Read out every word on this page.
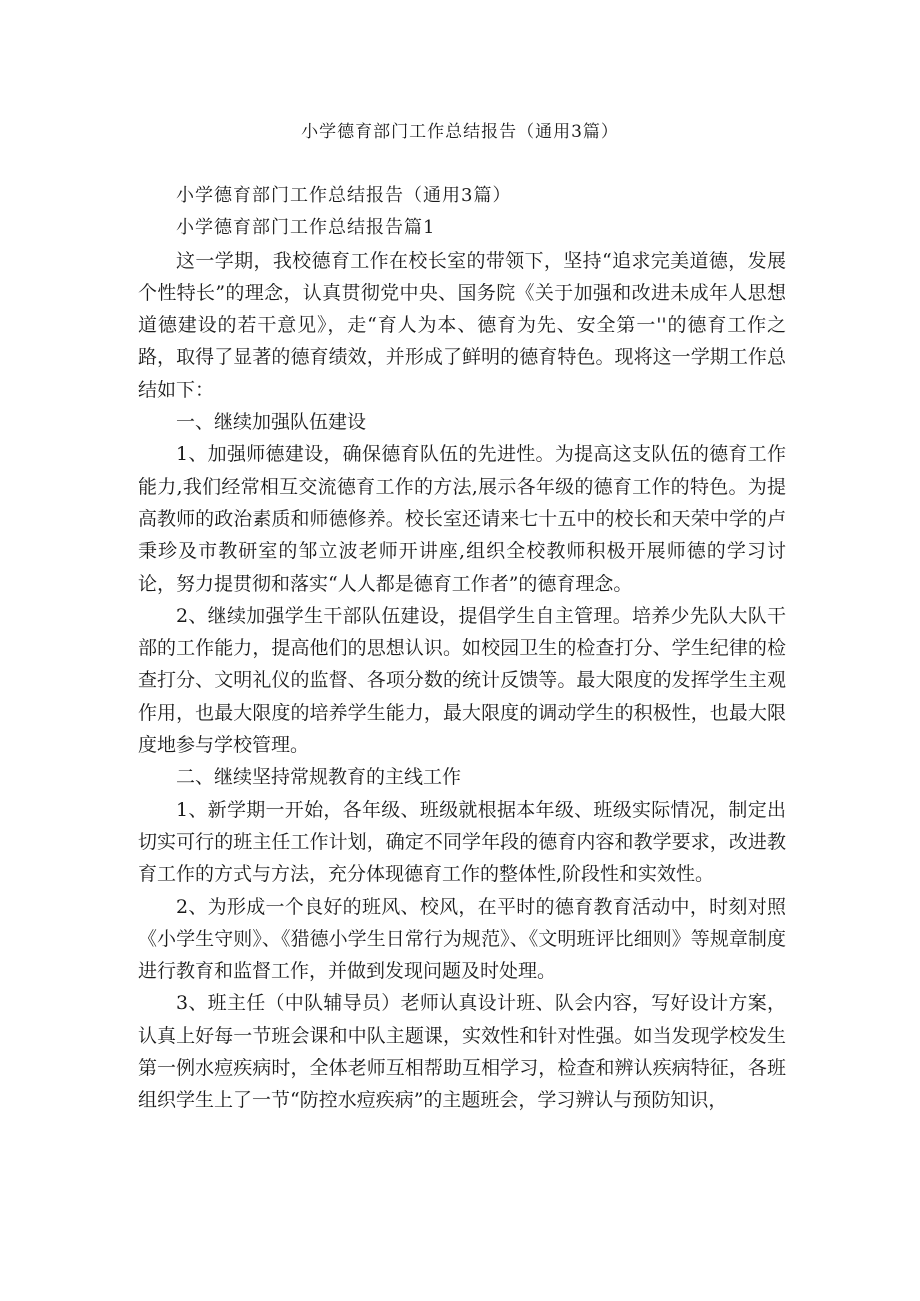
小学德育部门工作总结报告（通用3篇）

小学德育部门工作总结报告（通用3篇）

小学德育部门工作总结报告篇1

这一学期，我校德育工作在校长室的带领下，坚持“追求完美道德，发展个性特长”的理念，认真贯彻党中央、国务院《关于加强和改进未成年人思想道德建设的若干意见》，走“育人为本、德育为先、安全第一''的德育工作之路，取得了显著的德育绩效，并形成了鲜明的德育特色。现将这一学期工作总结如下：

一、继续加强队伍建设

1、加强师德建设，确保德育队伍的先进性。为提高这支队伍的德育工作能力,我们经常相互交流德育工作的方法,展示各年级的德育工作的特色。为提高教师的政治素质和师德修养。校长室还请来七十五中的校长和天荣中学的卢秉珍及市教研室的邹立波老师开讲座,组织全校教师积极开展师德的学习讨论，努力提贯彻和落实“人人都是德育工作者”的德育理念。

2、继续加强学生干部队伍建设，提倡学生自主管理。培养少先队大队干部的工作能力，提高他们的思想认识。如校园卫生的检查打分、学生纪律的检查打分、文明礼仪的监督、各项分数的统计反馈等。最大限度的发挥学生主观作用，也最大限度的培养学生能力，最大限度的调动学生的积极性，也最大限度地参与学校管理。

二、继续坚持常规教育的主线工作

1、新学期一开始，各年级、班级就根据本年级、班级实际情况，制定出切实可行的班主任工作计划，确定不同学年段的德育内容和教学要求，改进教育工作的方式与方法，充分体现德育工作的整体性,阶段性和实效性。

2、为形成一个良好的班风、校风，在平时的德育教育活动中，时刻对照《小学生守则》、《猎德小学生日常行为规范》、《文明班评比细则》等规章制度进行教育和监督工作，并做到发现问题及时处理。

3、班主任（中队辅导员）老师认真设计班、队会内容，写好设计方案，认真上好每一节班会课和中队主题课，实效性和针对性强。如当发现学校发生第一例水痘疾病时，全体老师互相帮助互相学习，检查和辨认疾病特征，各班组织学生上了一节“防控水痘疾病”的主题班会，学习辨认与预防知识，
